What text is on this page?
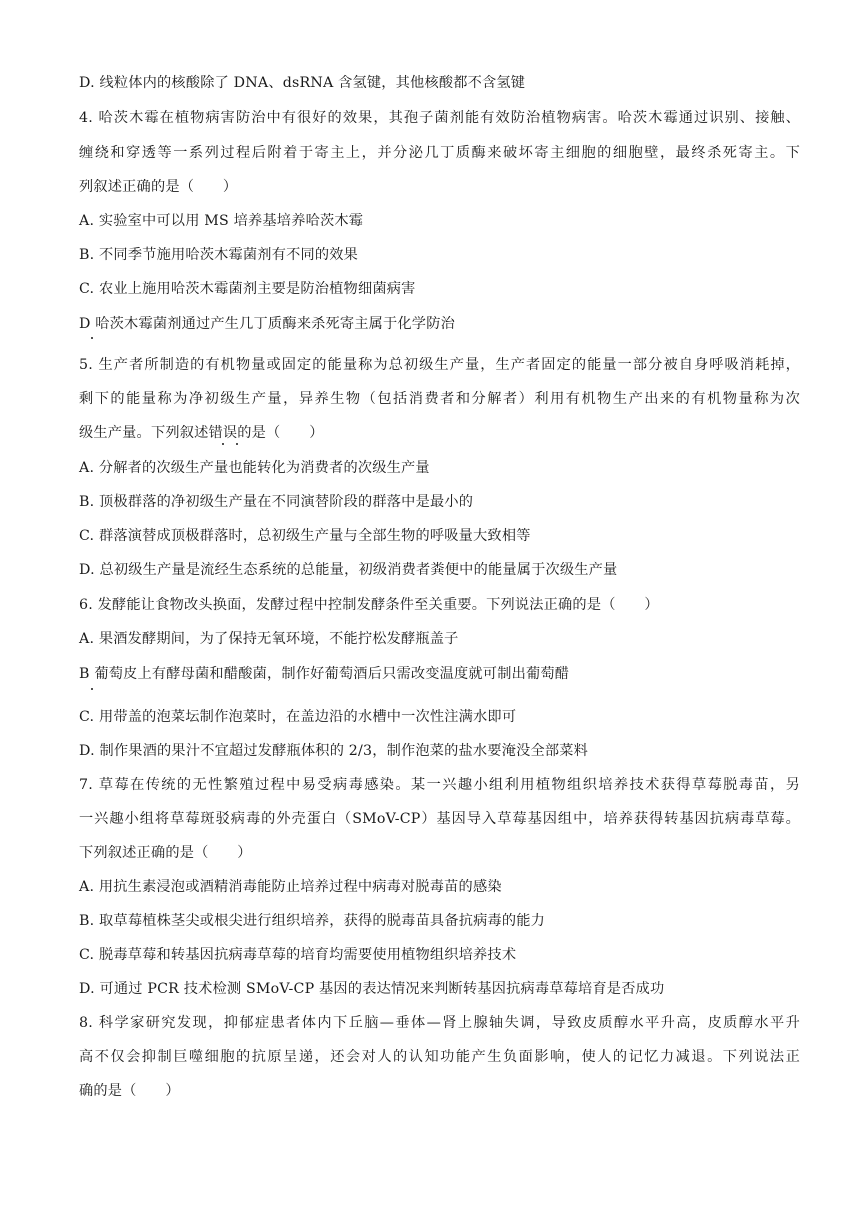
D. 线粒体内的核酸除了 DNA、dsRNA 含氢键，其他核酸都不含氢键
4. 哈茨木霉在植物病害防治中有很好的效果，其孢子菌剂能有效防治植物病害。哈茨木霉通过识别、接触、
缠绕和穿透等一系列过程后附着于寄主上，并分泌几丁质酶来破坏寄主细胞的细胞壁，最终杀死寄主。下
列叙述正确的是（　　）
A. 实验室中可以用 MS 培养基培养哈茨木霉
B. 不同季节施用哈茨木霉菌剂有不同的效果
C. 农业上施用哈茨木霉菌剂主要是防治植物细菌病害
D 哈茨木霉菌剂通过产生几丁质酶来杀死寄主属于化学防治
5. 生产者所制造的有机物量或固定的能量称为总初级生产量，生产者固定的能量一部分被自身呼吸消耗掉，
剩下的能量称为净初级生产量，异养生物（包括消费者和分解者）利用有机物生产出来的有机物量称为次
级生产量。下列叙述错误的是（　　）
A. 分解者的次级生产量也能转化为消费者的次级生产量
B. 顶极群落的净初级生产量在不同演替阶段的群落中是最小的
C. 群落演替成顶极群落时，总初级生产量与全部生物的呼吸量大致相等
D. 总初级生产量是流经生态系统的总能量，初级消费者粪便中的能量属于次级生产量
6. 发酵能让食物改头换面，发酵过程中控制发酵条件至关重要。下列说法正确的是（　　）
A. 果酒发酵期间，为了保持无氧环境，不能拧松发酵瓶盖子
B 葡萄皮上有酵母菌和醋酸菌，制作好葡萄酒后只需改变温度就可制出葡萄醋
C. 用带盖的泡菜坛制作泡菜时，在盖边沿的水槽中一次性注满水即可
D. 制作果酒的果汁不宜超过发酵瓶体积的 2/3，制作泡菜的盐水要淹没全部菜料
7. 草莓在传统的无性繁殖过程中易受病毒感染。某一兴趣小组利用植物组织培养技术获得草莓脱毒苗，另
一兴趣小组将草莓斑驳病毒的外壳蛋白（SMoV-CP）基因导入草莓基因组中，培养获得转基因抗病毒草莓。
下列叙述正确的是（　　）
A. 用抗生素浸泡或酒精消毒能防止培养过程中病毒对脱毒苗的感染
B. 取草莓植株茎尖或根尖进行组织培养，获得的脱毒苗具备抗病毒的能力
C. 脱毒草莓和转基因抗病毒草莓的培育均需要使用植物组织培养技术
D. 可通过 PCR 技术检测 SMoV-CP 基因的表达情况来判断转基因抗病毒草莓培育是否成功
8. 科学家研究发现，抑郁症患者体内下丘脑—垂体—肾上腺轴失调，导致皮质醇水平升高，皮质醇水平升
高不仅会抑制巨噬细胞的抗原呈递，还会对人的认知功能产生负面影响，使人的记忆力减退。下列说法正
确的是（　　）
